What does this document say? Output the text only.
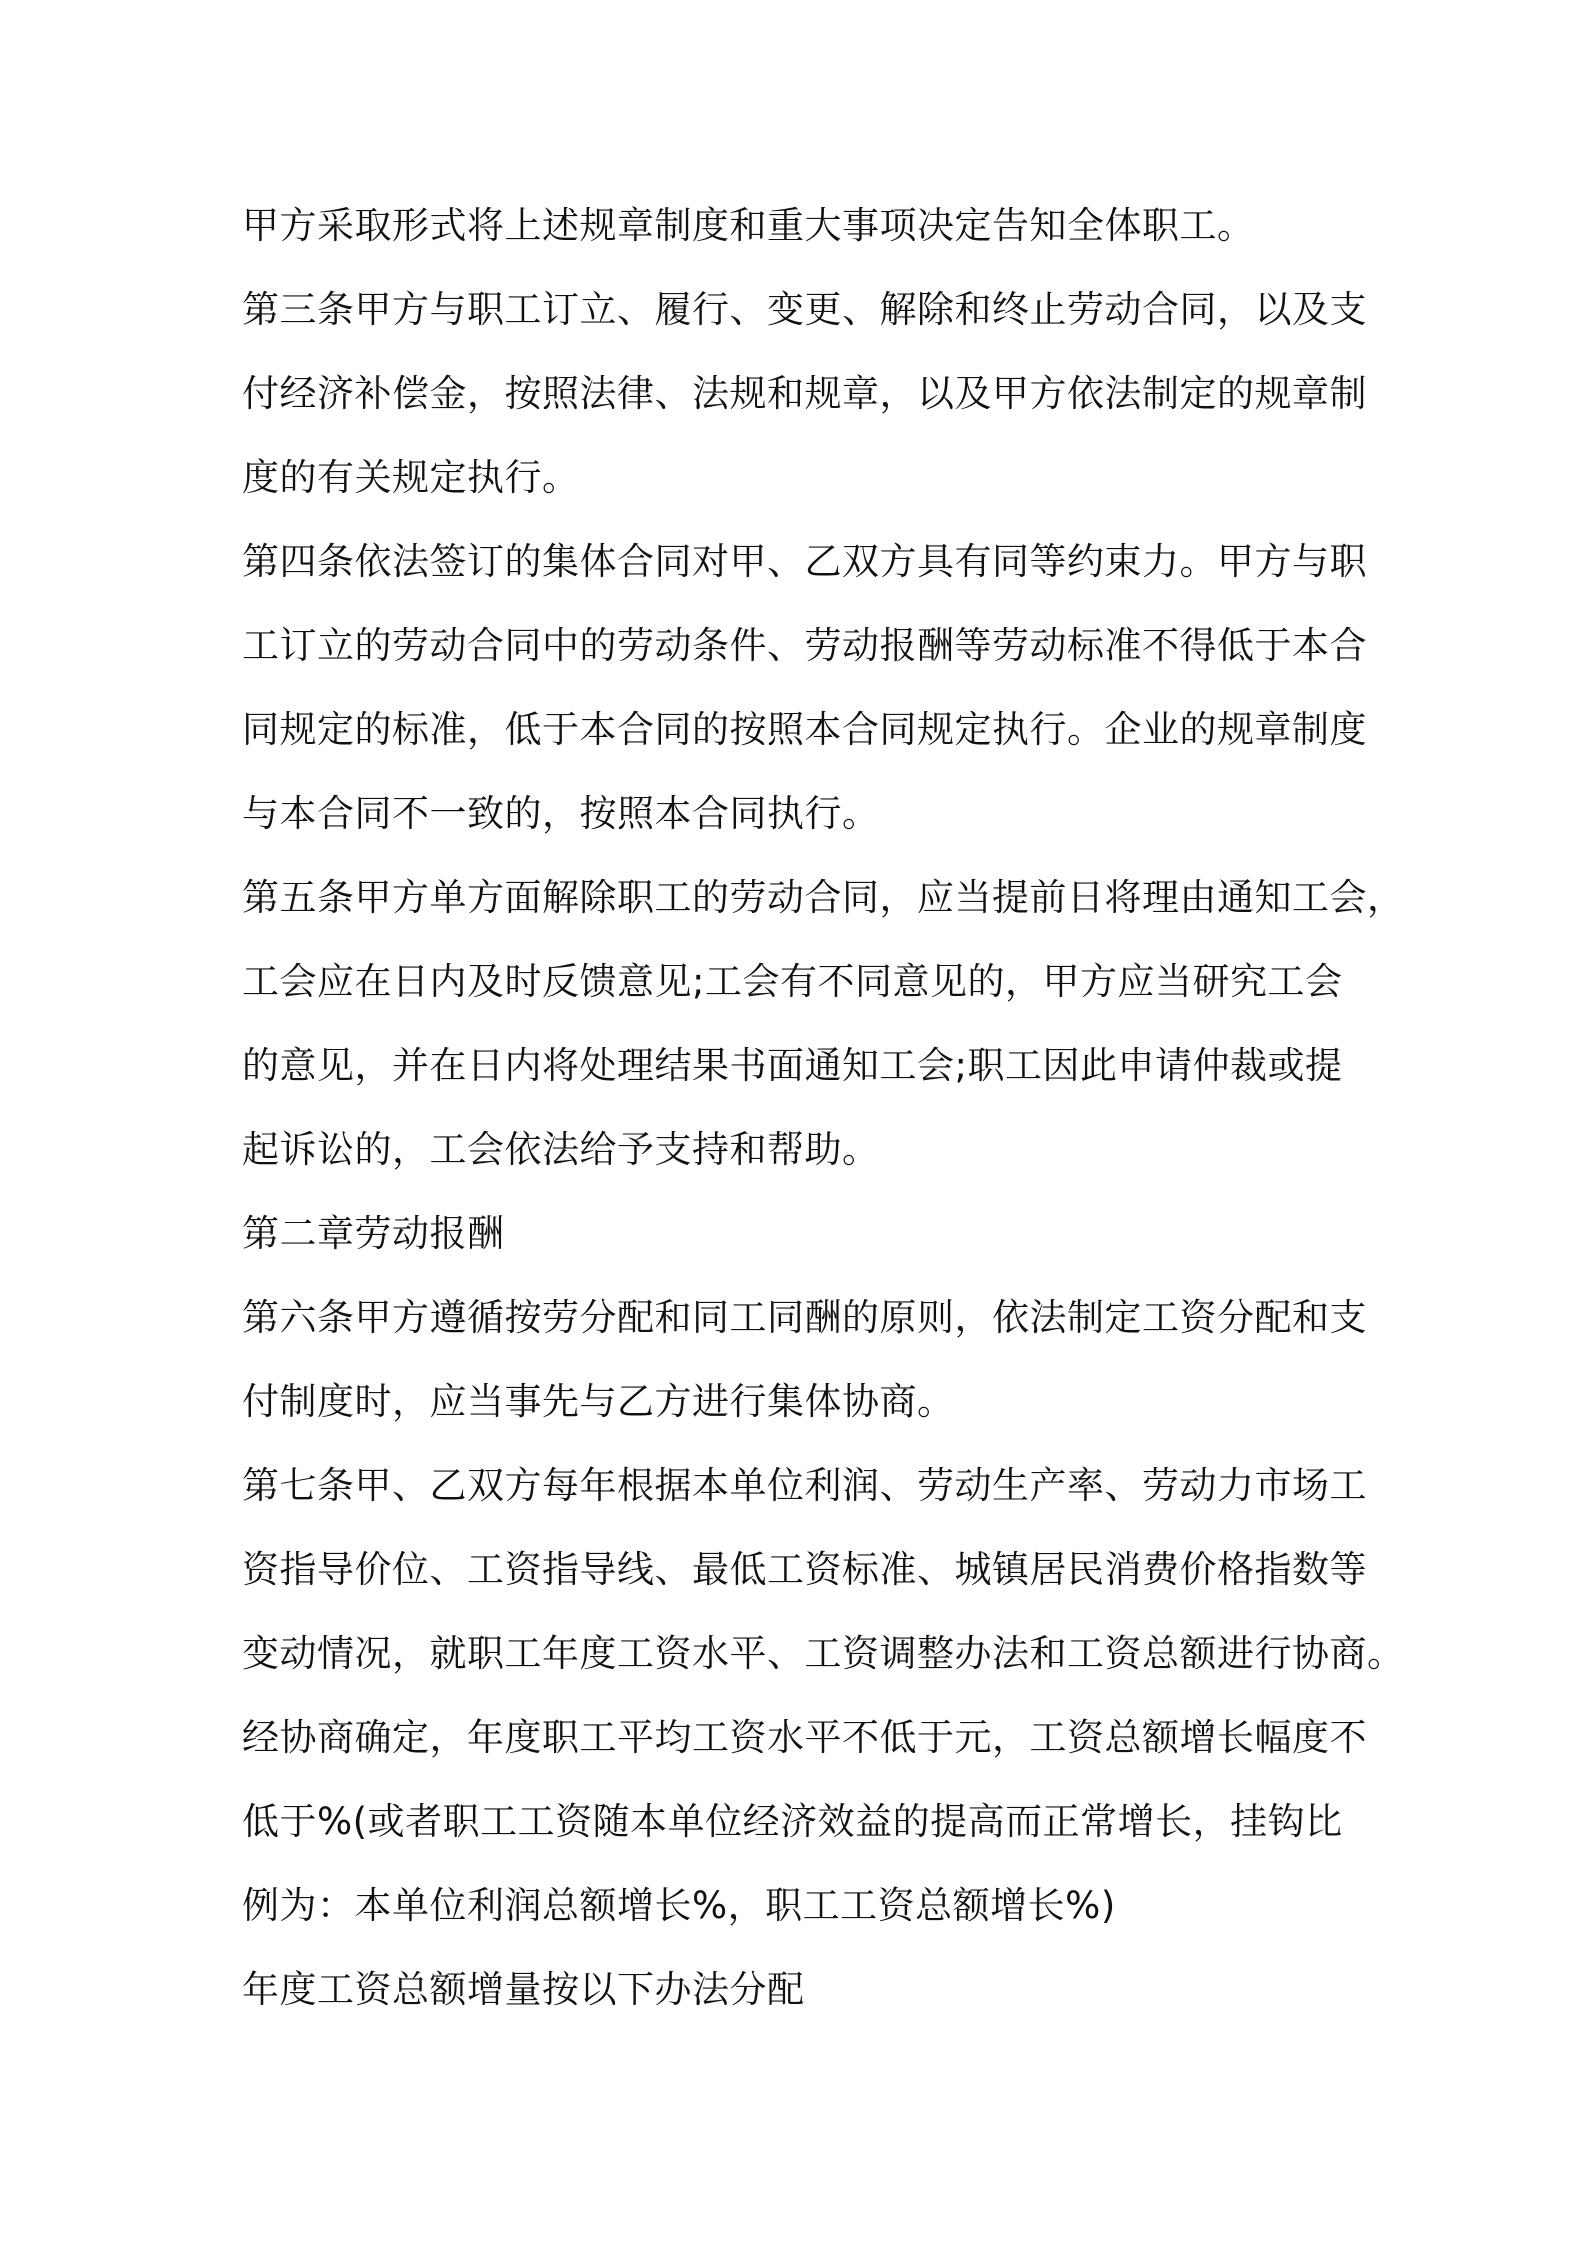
甲方采取形式将上述规章制度和重大事项决定告知全体职工。
第三条甲方与职工订立、履行、变更、解除和终止劳动合同，以及支
付经济补偿金，按照法律、法规和规章，以及甲方依法制定的规章制
度的有关规定执行。
第四条依法签订的集体合同对甲、乙双方具有同等约束力。甲方与职
工订立的劳动合同中的劳动条件、劳动报酬等劳动标准不得低于本合
同规定的标准，低于本合同的按照本合同规定执行。企业的规章制度
与本合同不一致的，按照本合同执行。
第五条甲方单方面解除职工的劳动合同，应当提前日将理由通知工会，
工会应在日内及时反馈意见;工会有不同意见的，甲方应当研究工会
的意见，并在日内将处理结果书面通知工会;职工因此申请仲裁或提
起诉讼的，工会依法给予支持和帮助。
第二章劳动报酬
第六条甲方遵循按劳分配和同工同酬的原则，依法制定工资分配和支
付制度时，应当事先与乙方进行集体协商。
第七条甲、乙双方每年根据本单位利润、劳动生产率、劳动力市场工
资指导价位、工资指导线、最低工资标准、城镇居民消费价格指数等
变动情况，就职工年度工资水平、工资调整办法和工资总额进行协商。
经协商确定，年度职工平均工资水平不低于元，工资总额增长幅度不
低于%(或者职工工资随本单位经济效益的提高而正常增长，挂钩比
例为：本单位利润总额增长%，职工工资总额增长%)
年度工资总额增量按以下办法分配
